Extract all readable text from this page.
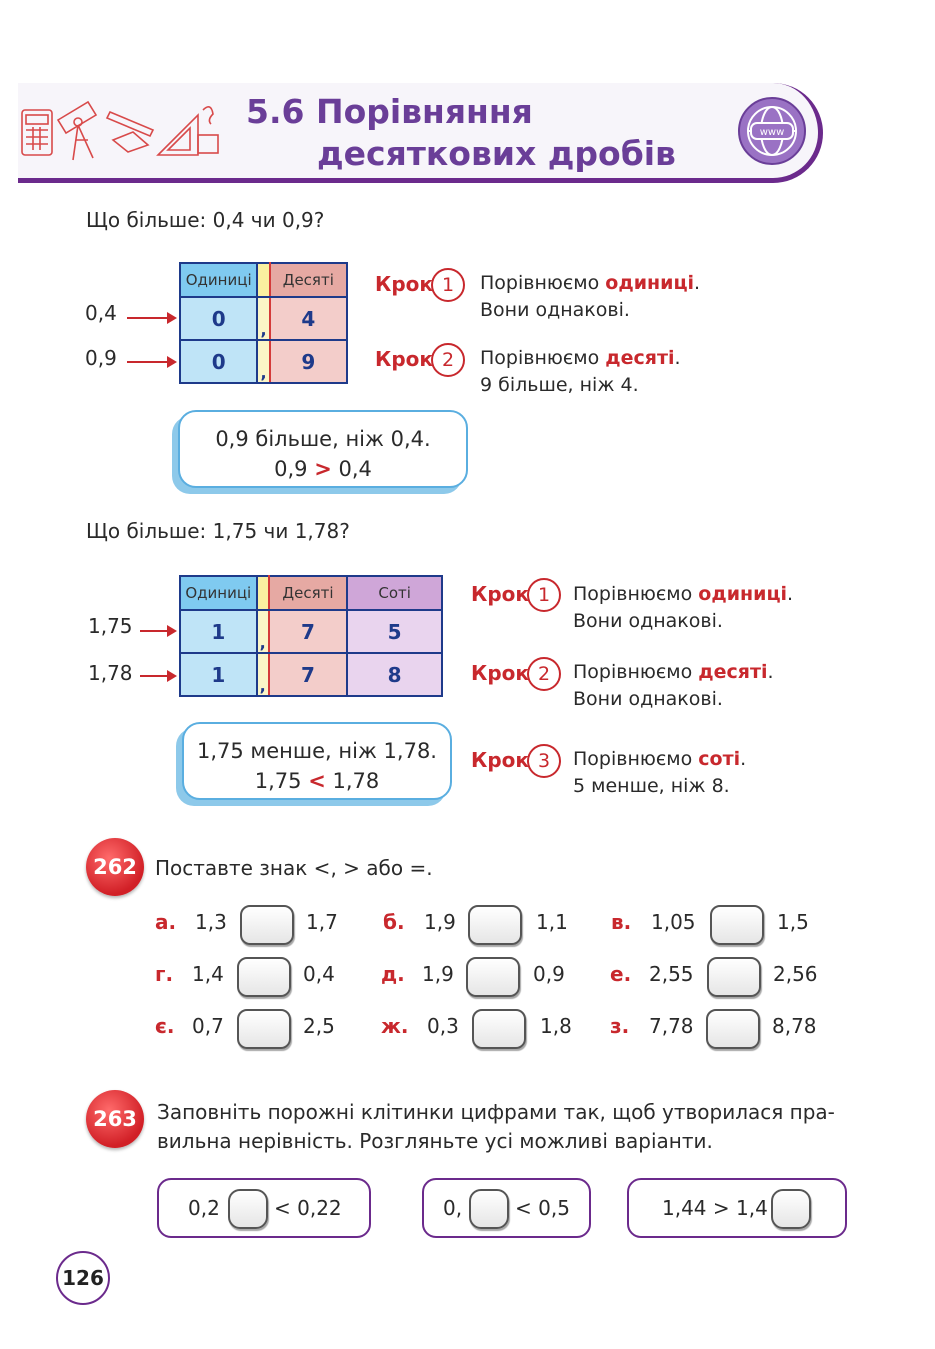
5.6 Порівняння
десяткових дробів
www
Що більше: 0,4 чи 0,9?
Одиниці		Десяті
0	,	4
0	,	9
0,4
0,9
Крок 1	Порівнюємо одиниці.
Вони однакові.
Крок 2	Порівнюємо десяті.
9 більше, ніж 4.
0,9 більше, ніж 0,4.
0,9 > 0,4
Що більше: 1,75 чи 1,78?
Одиниці		Десяті	Соті
1	,	7	5
1	,	7	8
1,75
1,78
Крок 1	Порівнюємо одиниці.
Вони однакові.
Крок 2	Порівнюємо десяті.
Вони однакові.
Крок 3	Порівнюємо соті.
5 менше, ніж 8.
1,75 менше, ніж 1,78.
1,75 < 1,78
262 Поставте знак <, > або =.
а. 1,3	1,7 б. 1,9	1,1 в. 1,05	1,5
г. 1,4	0,4 д. 1,9	0,9 е. 2,55	2,56
є. 0,7	2,5 ж. 0,3	1,8 з. 7,78	8,78
263	Заповніть порожні клітинки цифрами так, щоб утворилася пра-
вильна нерівність. Розгляньте усі можливі варіанти.
0,2	< 0,22	0,	< 0,5	1,44 > 1,4
126
